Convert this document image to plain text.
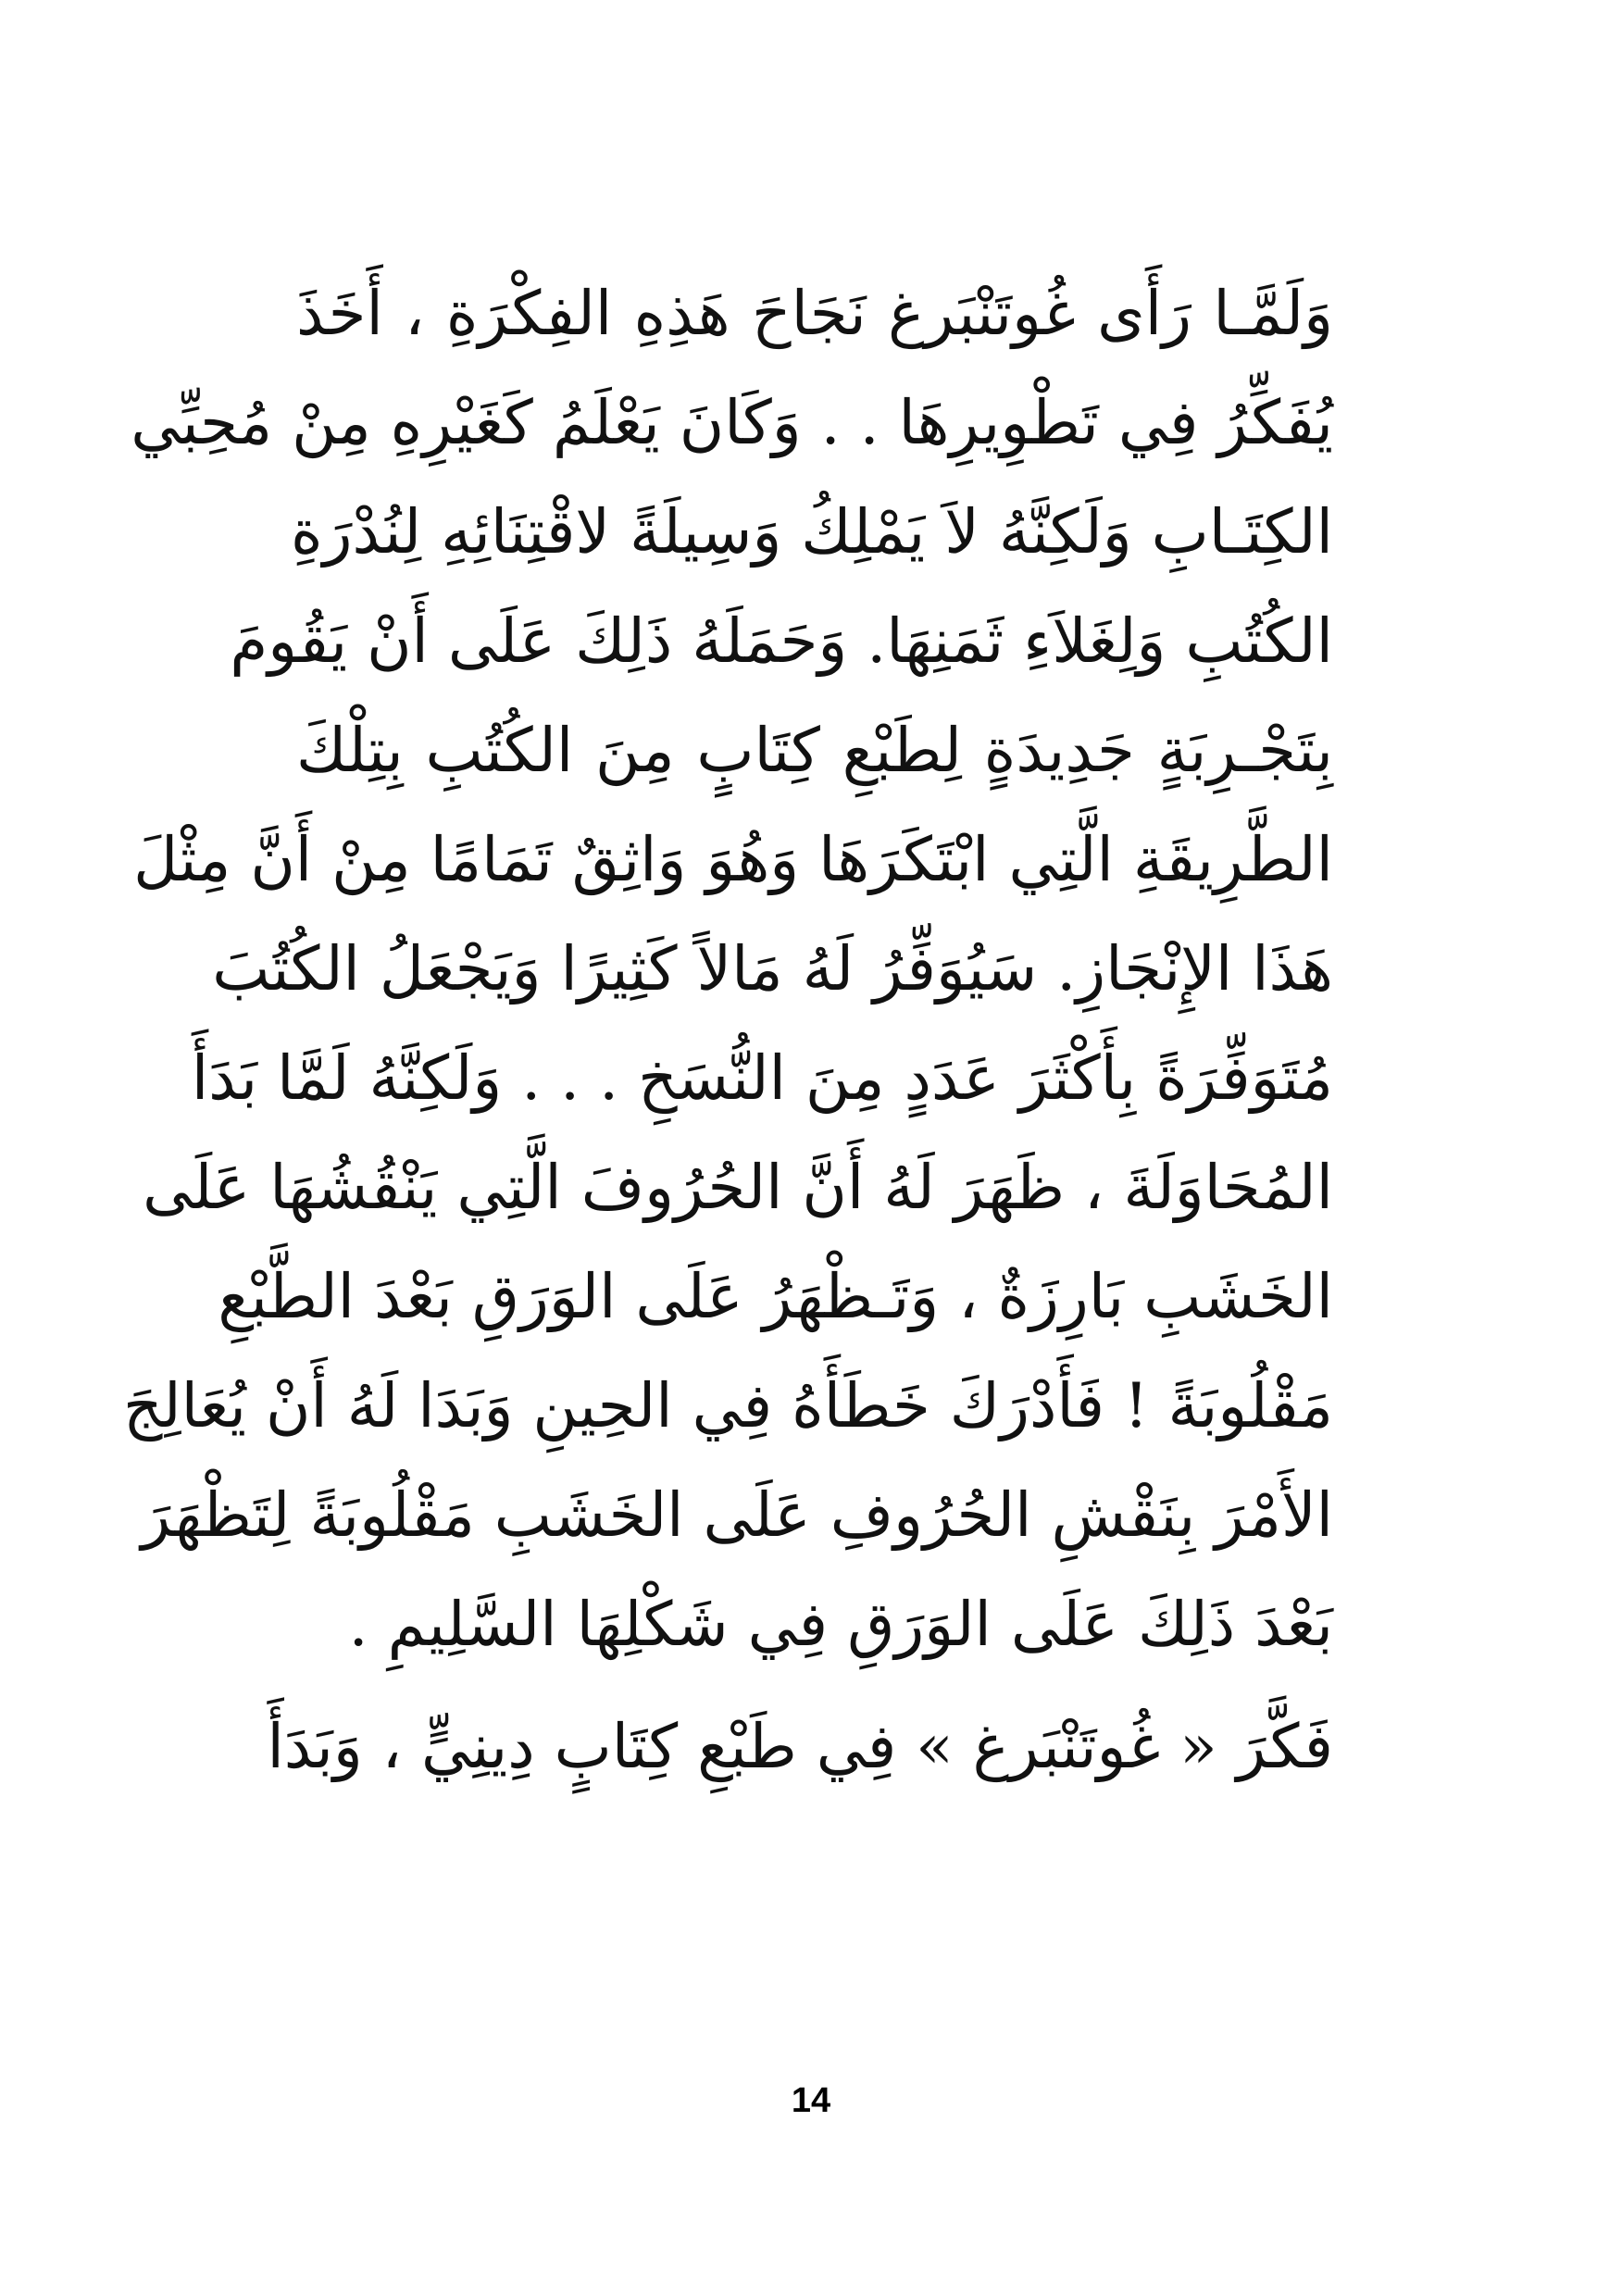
وَلَمَّـا رَأَى غُوتَنْبَرغ نَجَاحَ هَذِهِ الفِكْرَةِ ، أَخَذَ
يُفَكِّرُ فِي تَطْوِيرِهَا . . وَكَانَ يَعْلَمُ كَغَيْرِهِ مِنْ مُحِبِّي
الكِتَـابِ وَلَكِنَّهُ لاَ يَمْلِكُ وَسِيلَةً لاقْتِنَائِهِ لِنُدْرَةِ
الكُتُبِ وَلِغَلاَءِ ثَمَنِهَا. وَحَمَلَهُ ذَلِكَ عَلَى أَنْ يَقُومَ
بِتَجْـرِبَةٍ جَدِيدَةٍ لِطَبْعِ كِتَابٍ مِنَ الكُتُبِ بِتِلْكَ
الطَّرِيقَةِ الَّتِي ابْتَكَرَهَا وَهُوَ وَاثِقٌ تَمَامًا مِنْ أَنَّ مِثْلَ
هَذَا الإِنْجَازِ. سَيُوَفِّرُ لَهُ مَالاً كَثِيرًا وَيَجْعَلُ الكُتُبَ
مُتَوَفِّرَةً بِأَكْثَرَ عَدَدٍ مِنَ النُّسَخِ . . . وَلَكِنَّهُ لَمَّا بَدَأَ
المُحَاوَلَةَ ، ظَهَرَ لَهُ أَنَّ الحُرُوفَ الَّتِي يَنْقُشُهَا عَلَى
الخَشَبِ بَارِزَةٌ ، وَتَـظْهَرُ عَلَى الوَرَقِ بَعْدَ الطَّبْعِ
مَقْلُوبَةً ! فَأَدْرَكَ خَطَأَهُ فِي الحِينِ وَبَدَا لَهُ أَنْ يُعَالِجَ
الأَمْرَ بِنَقْشِ الحُرُوفِ عَلَى الخَشَبِ مَقْلُوبَةً لِتَظْهَرَ
بَعْدَ ذَلِكَ عَلَى الوَرَقِ فِي شَكْلِهَا السَّلِيمِ .
فَكَّرَ « غُوتَنْبَرغ » فِي طَبْعِ كِتَابٍ دِينِيٍّ ، وَبَدَأَ
14
